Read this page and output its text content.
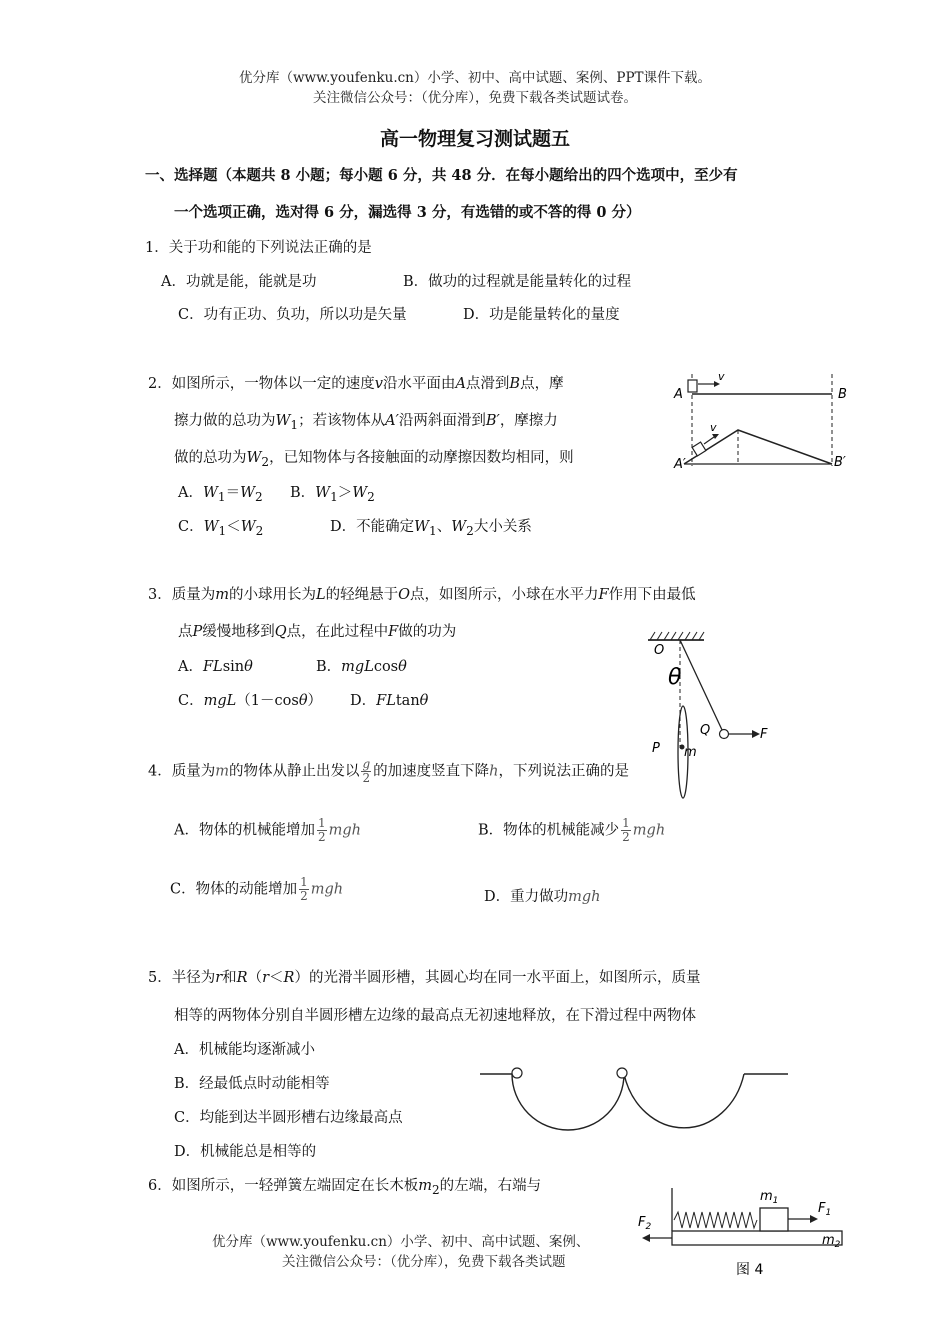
优分库（www.youfenku.cn）小学、初中、高中试题、案例、PPT课件下载。
关注微信公众号：（优分库），免费下载各类试题试卷。
高一物理复习测试题五
一、选择题（本题共 8 小题；每小题 6 分，共 48 分．在每小题给出的四个选项中，至少有
一个选项正确，选对得 6 分，漏选得 3 分，有选错的或不答的得 0 分）
1．关于功和能的下列说法正确的是
A．功就是能，能就是功	B．做功的过程就是能量转化的过程
C．功有正功、负功，所以功是矢量	D．功是能量转化的量度
2．如图所示，一物体以一定的速度v沿水平面由A点滑到B点，摩
擦力做的总功为$W_1$；若该物体从A′沿两斜面滑到B′，摩擦力
做的总功为$W_2$，已知物体与各接触面的动摩擦因数均相同，则
A．$W_1=W_2$ B．$W_1>W_2$
C．$W_1<W_2$	D．不能确定$W_1$、$W_2$大小关系
A	B
v
v
A′	B′
3．质量为m的小球用长为L的轻绳悬于O点，如图所示，小球在水平力F作用下由最低
点P缓慢地移到Q点，在此过程中F做的功为
A．FLsinθ	B．mgLcosθ
C．mgL（1－cosθ） D．FLtanθ
O
θ
Q	F
P m
4．质量为m的物体从静止出发以 $\frac{g}{2}$ 的加速度竖直下降h，下列说法正确的是
A．物体的机械能增加 $\frac{1}{2}$ mgh	B．物体的机械能减少 $\frac{1}{2}$ mgh
C．物体的动能增加 $\frac{1}{2}$ mgh	D．重力做功mgh
5．半径为r和R（r＜R）的光滑半圆形槽，其圆心均在同一水平面上，如图所示，质量
相等的两物体分别自半圆形槽左边缘的最高点无初速地释放，在下滑过程中两物体
A．机械能均逐渐减小
B．经最低点时动能相等
C．均能到达半圆形槽右边缘最高点
D．机械能总是相等的
6．如图所示，一轻弹簧左端固定在长木板$m_2$的左端，右端与
优分库（www.youfenku.cn）小学、初中、高中试题、案例、
关注微信公众号：（优分库），免费下载各类试题
$m_1$	$F_1$
$F_2$
$m_2$
图 4
